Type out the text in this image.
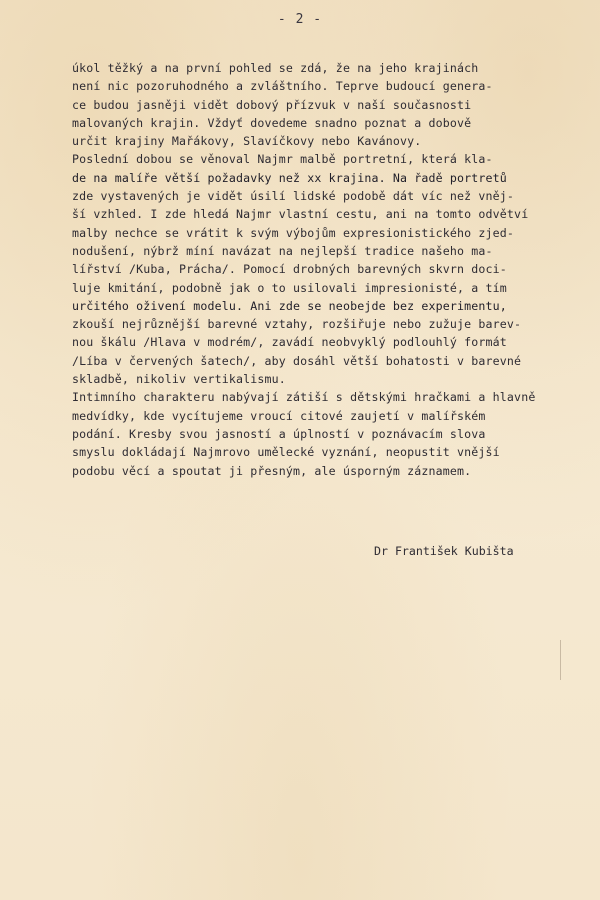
- 2 -
úkol těžký a na první pohled se zdá, že na jeho krajinách
není nic pozoruhodného a zvláštního. Teprve budoucí genera-
ce budou jasněji vidět dobový přízvuk v naší současnosti
malovaných krajin. Vždyť dovedeme snadno poznat a dobově
určit krajiny Mařákovy, Slavíčkovy nebo Kavánovy.
Poslední dobou se věnoval Najmr malbě portretní, která kla-
de na malíře větší požadavky než xx krajina. Na řadě portretů
zde vystavených je vidět úsilí lidské podobě dát víc než vněj-
ší vzhled. I zde hledá Najmr vlastní cestu, ani na tomto odvětví
malby nechce se vrátit k svým výbojům expresionistického zjed-
nodušení, nýbrž míní navázat na nejlepší tradice našeho ma-
lířství /Kuba, Prácha/. Pomocí drobných barevných skvrn doci-
luje kmitání, podobně jak o to usilovali impresionisté, a tím
určitého oživení modelu. Ani zde se neobejde bez experimentu,
zkouší nejrůznější barevné vztahy, rozšiřuje nebo zužuje barev-
nou škálu /Hlava v modrém/, zavádí neobvyklý podlouhlý formát
/Líba v červených šatech/, aby dosáhl větší bohatosti v barevné
skladbě, nikoliv vertikalismu.
Intimního charakteru nabývají zátiší s dětskými hračkami a hlavně
medvídky, kde vycítujeme vroucí citové zaujetí v malířském
podání. Kresby svou jasností a úplností v poznávacím slova
smyslu dokládají Najmrovo umělecké vyznání, neopustit vnější
podobu věcí a spoutat ji přesným, ale úsporným záznamem.
Dr František Kubišta
